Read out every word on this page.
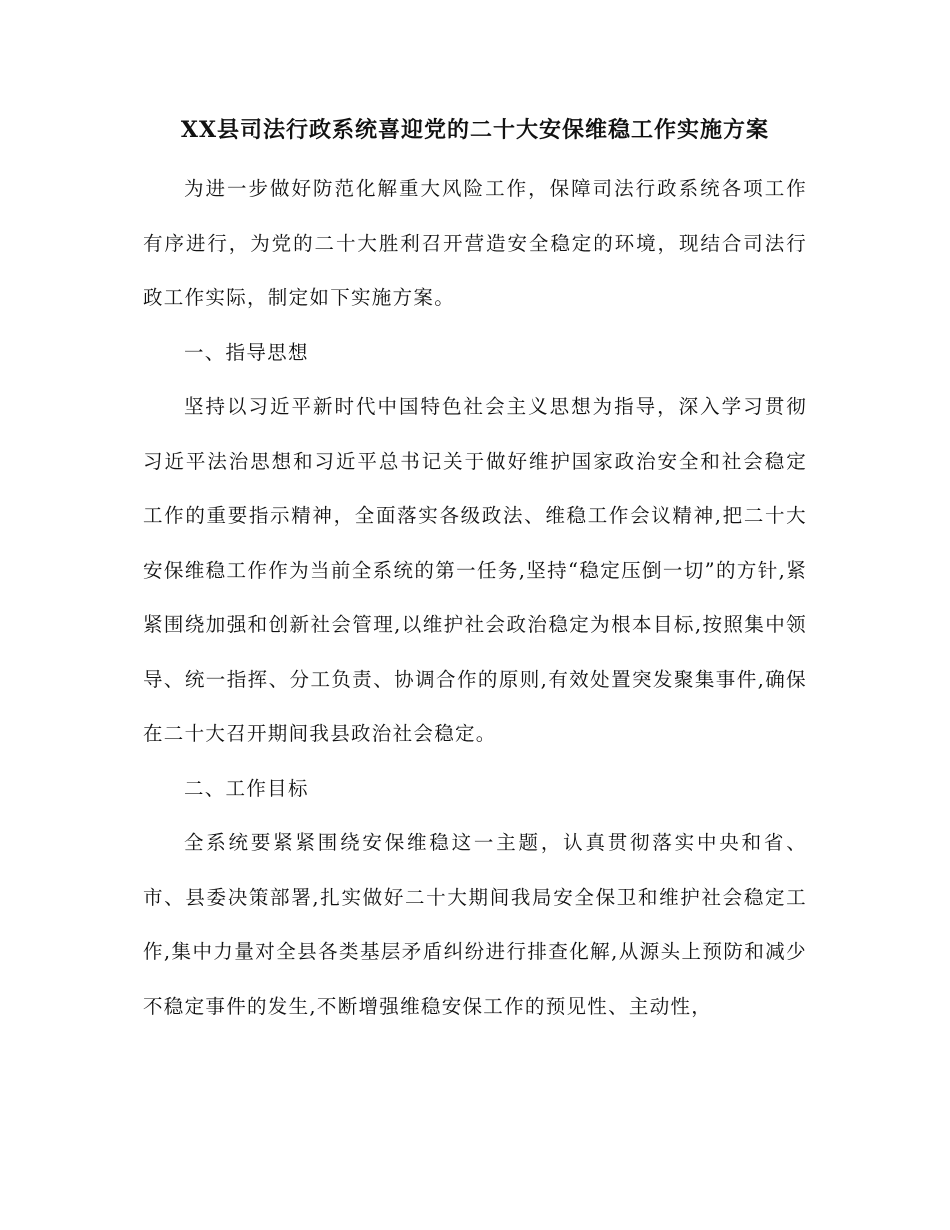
XX县司法行政系统喜迎党的二十大安保维稳工作实施方案

为进一步做好防范化解重大风险工作，保障司法行政系统各项工作有序进行，为党的二十大胜利召开营造安全稳定的环境，现结合司法行政工作实际，制定如下实施方案。

一、指导思想

坚持以习近平新时代中国特色社会主义思想为指导，深入学习贯彻习近平法治思想和习近平总书记关于做好维护国家政治安全和社会稳定工作的重要指示精神，全面落实各级政法、维稳工作会议精神,把二十大安保维稳工作作为当前全系统的第一任务,坚持“稳定压倒一切”的方针,紧紧围绕加强和创新社会管理,以维护社会政治稳定为根本目标,按照集中领导、统一指挥、分工负责、协调合作的原则,有效处置突发聚集事件,确保在二十大召开期间我县政治社会稳定。

二、工作目标

全系统要紧紧围绕安保维稳这一主题，认真贯彻落实中央和省、市、县委决策部署,扎实做好二十大期间我局安全保卫和维护社会稳定工作,集中力量对全县各类基层矛盾纠纷进行排查化解,从源头上预防和减少不稳定事件的发生,不断增强维稳安保工作的预见性、主动性，
